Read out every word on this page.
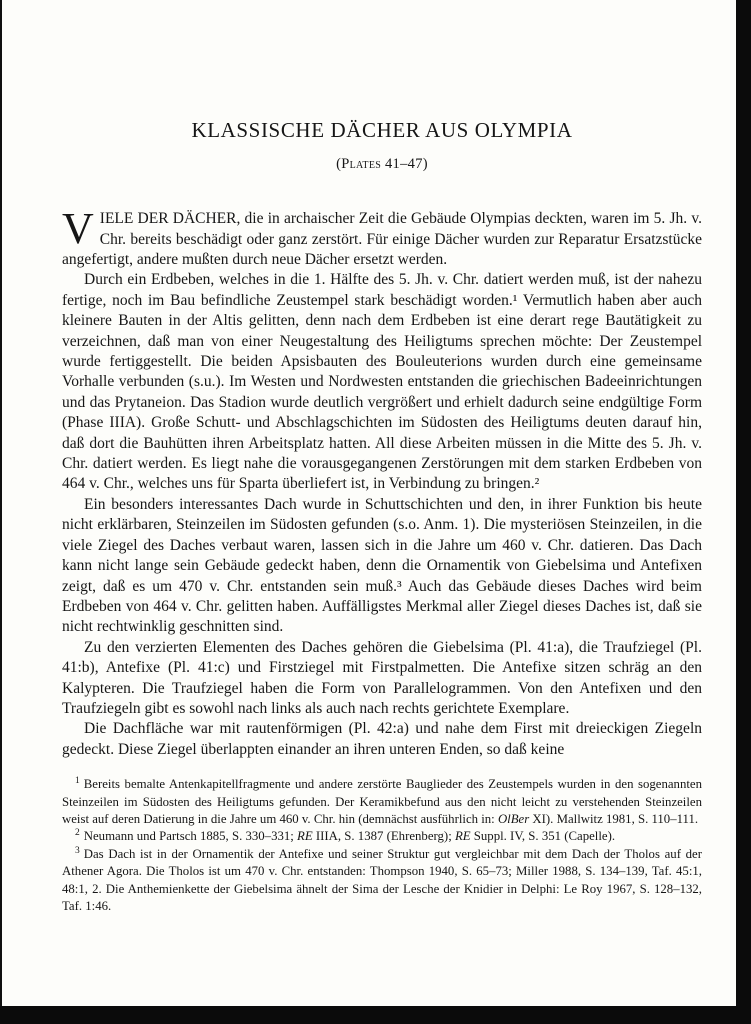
KLASSISCHE DÄCHER AUS OLYMPIA
(Plates 41–47)

VIELE DER DÄCHER, die in archaischer Zeit die Gebäude Olympias deckten, waren im 5. Jh. v. Chr. bereits beschädigt oder ganz zerstört. Für einige Dächer wurden zur Reparatur Ersatzstücke angefertigt, andere mußten durch neue Dächer ersetzt werden.

Durch ein Erdbeben, welches in die 1. Hälfte des 5. Jh. v. Chr. datiert werden muß, ist der nahezu fertige, noch im Bau befindliche Zeustempel stark beschädigt worden.¹ Vermutlich haben aber auch kleinere Bauten in der Altis gelitten, denn nach dem Erdbeben ist eine derart rege Bautätigkeit zu verzeichnen, daß man von einer Neugestaltung des Heiligtums sprechen möchte: Der Zeustempel wurde fertiggestellt. Die beiden Apsisbauten des Bouleuterions wurden durch eine gemeinsame Vorhalle verbunden (s.u.). Im Westen und Nordwesten entstanden die griechischen Badeeinrichtungen und das Prytaneion. Das Stadion wurde deutlich vergrößert und erhielt dadurch seine endgültige Form (Phase IIIA). Große Schutt- und Abschlagschichten im Südosten des Heiligtums deuten darauf hin, daß dort die Bauhütten ihren Arbeitsplatz hatten. All diese Arbeiten müssen in die Mitte des 5. Jh. v. Chr. datiert werden. Es liegt nahe die vorausgegangenen Zerstörungen mit dem starken Erdbeben von 464 v. Chr., welches uns für Sparta überliefert ist, in Verbindung zu bringen.²

Ein besonders interessantes Dach wurde in Schuttschichten und den, in ihrer Funktion bis heute nicht erklärbaren, Steinzeilen im Südosten gefunden (s.o. Anm. 1). Die mysteriösen Steinzeilen, in die viele Ziegel des Daches verbaut waren, lassen sich in die Jahre um 460 v. Chr. datieren. Das Dach kann nicht lange sein Gebäude gedeckt haben, denn die Ornamentik von Giebelsima und Antefixen zeigt, daß es um 470 v. Chr. entstanden sein muß.³ Auch das Gebäude dieses Daches wird beim Erdbeben von 464 v. Chr. gelitten haben. Auffälligstes Merkmal aller Ziegel dieses Daches ist, daß sie nicht rechtwinklig geschnitten sind.

Zu den verzierten Elementen des Daches gehören die Giebelsima (Pl. 41:a), die Traufziegel (Pl. 41:b), Antefixe (Pl. 41:c) und Firstziegel mit Firstpalmetten. Die Antefixe sitzen schräg an den Kalypteren. Die Traufziegel haben die Form von Parallelogrammen. Von den Antefixen und den Traufziegeln gibt es sowohl nach links als auch nach rechts gerichtete Exemplare.

Die Dachfläche war mit rautenförmigen (Pl. 42:a) und nahe dem First mit dreieckigen Ziegeln gedeckt. Diese Ziegel überlappten einander an ihren unteren Enden, so daß keine

$^1$ Bereits bemalte Antenkapitellfragmente und andere zerstörte Bauglieder des Zeustempels wurden in den sogenannten Steinzeilen im Südosten des Heiligtums gefunden. Der Keramikbefund aus den nicht leicht zu verstehenden Steinzeilen weist auf deren Datierung in die Jahre um 460 v. Chr. hin (demnächst ausführlich in: OlBer XI). Mallwitz 1981, S. 110–111.

$^2$ Neumann und Partsch 1885, S. 330–331; RE IIIA, S. 1387 (Ehrenberg); RE Suppl. IV, S. 351 (Capelle).

$^3$ Das Dach ist in der Ornamentik der Antefixe und seiner Struktur gut vergleichbar mit dem Dach der Tholos auf der Athener Agora. Die Tholos ist um 470 v. Chr. entstanden: Thompson 1940, S. 65–73; Miller 1988, S. 134–139, Taf. 45:1, 48:1, 2. Die Anthemienkette der Giebelsima ähnelt der Sima der Lesche der Knidier in Delphi: Le Roy 1967, S. 128–132, Taf. 1:46.
